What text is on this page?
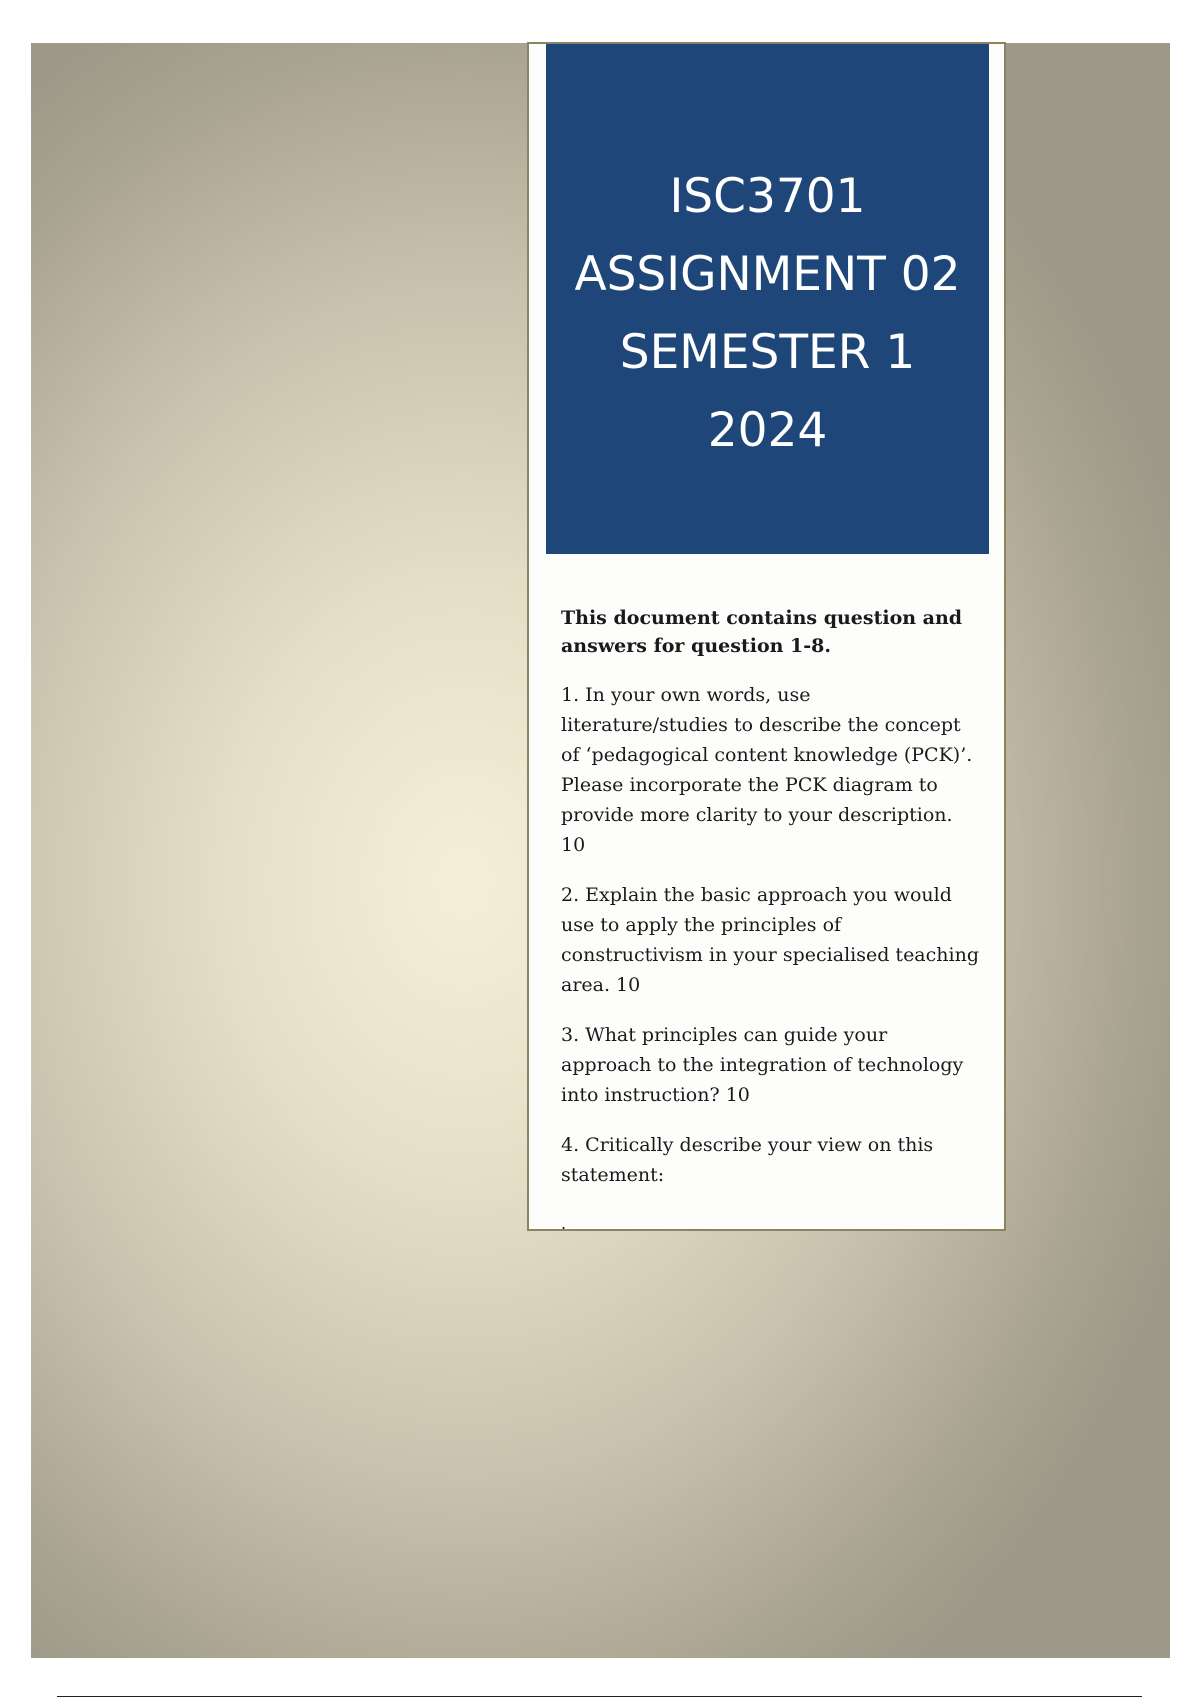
ISC3701
ASSIGNMENT 02
SEMESTER 1
2024

This document contains question and answers for question 1-8.

1. In your own words, use literature/studies to describe the concept of ‘pedagogical content knowledge (PCK)’. Please incorporate the PCK diagram to provide more clarity to your description. 10

2. Explain the basic approach you would use to apply the principles of constructivism in your specialised teaching area. 10

3. What principles can guide your approach to the integration of technology into instruction? 10

4. Critically describe your view on this statement:

.
